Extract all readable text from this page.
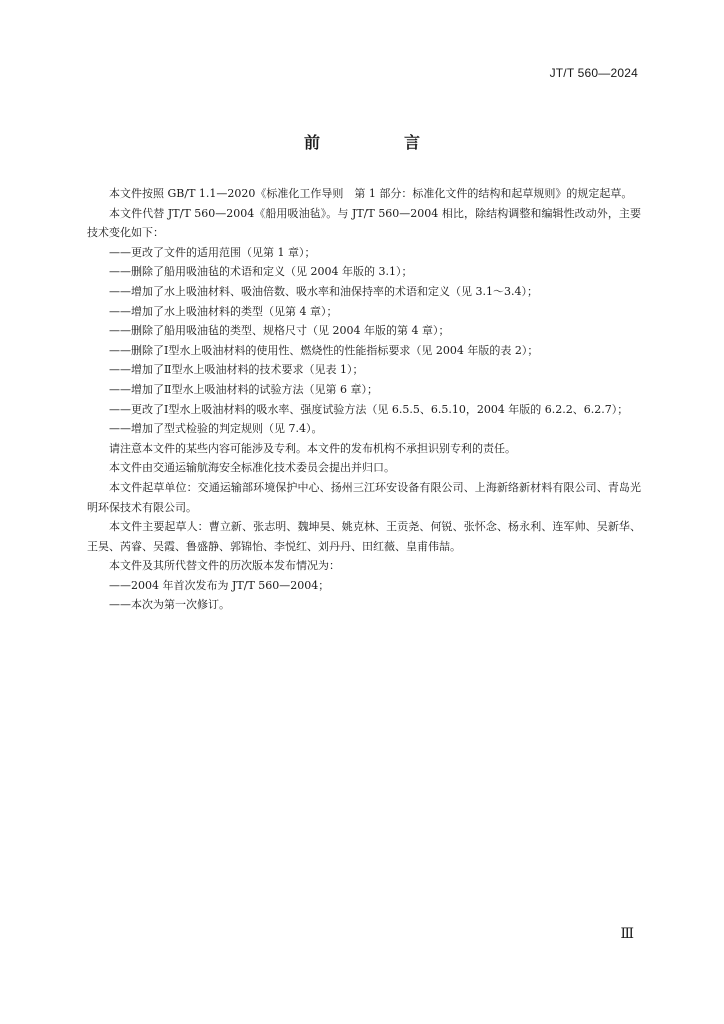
JT/T 560—2024
前　言

本文件按照 GB/T 1.1—2020《标准化工作导则　第 1 部分：标准化文件的结构和起草规则》的规定起草。

本文件代替 JT/T 560—2004《船用吸油毡》。与 JT/T 560—2004 相比，除结构调整和编辑性改动外，主要技术变化如下：

——更改了文件的适用范围（见第 1 章）；

——删除了船用吸油毡的术语和定义（见 2004 年版的 3.1）；

——增加了水上吸油材料、吸油倍数、吸水率和油保持率的术语和定义（见 3.1～3.4）；

——增加了水上吸油材料的类型（见第 4 章）；

——删除了船用吸油毡的类型、规格尺寸（见 2004 年版的第 4 章）；

——删除了Ⅰ型水上吸油材料的使用性、燃烧性的性能指标要求（见 2004 年版的表 2）；

——增加了Ⅱ型水上吸油材料的技术要求（见表 1）；

——增加了Ⅱ型水上吸油材料的试验方法（见第 6 章）；

——更改了Ⅰ型水上吸油材料的吸水率、强度试验方法（见 6.5.5、6.5.10，2004 年版的 6.2.2、6.2.7）；

——增加了型式检验的判定规则（见 7.4）。

请注意本文件的某些内容可能涉及专利。本文件的发布机构不承担识别专利的责任。

本文件由交通运输航海安全标准化技术委员会提出并归口。

本文件起草单位：交通运输部环境保护中心、扬州三江环安设备有限公司、上海新络新材料有限公司、青岛光明环保技术有限公司。

本文件主要起草人：曹立新、张志明、魏坤昊、姚克林、王贡尧、何锐、张怀念、杨永利、连军帅、吴新华、王昊、芮睿、吴霞、鲁盛静、郭锦怡、李悦红、刘丹丹、田红薇、皇甫伟喆。

本文件及其所代替文件的历次版本发布情况为：

——2004 年首次发布为 JT/T 560—2004；

——本次为第一次修订。

Ⅲ
